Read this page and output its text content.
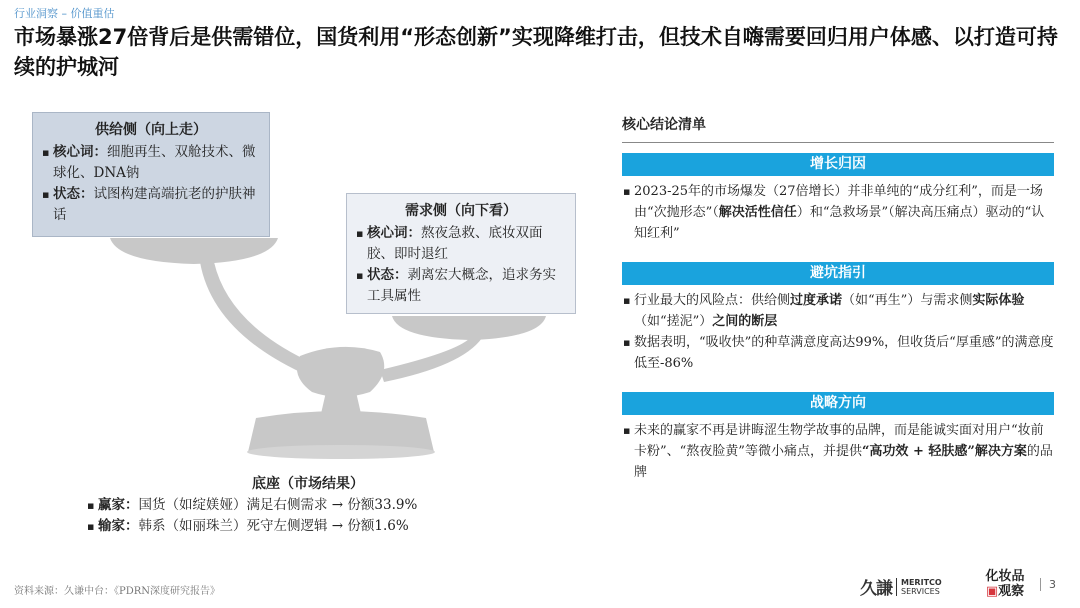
行业洞察 – 价值重估
市场暴涨27倍背后是供需错位，国货利用“形态创新”实现降维打击，但技术自嗨需要回归用户体感、以打造可持续的护城河
供给侧（向上走）
▪ 核心词：细胞再生、双舱技术、微球化、DNA钠
▪ 状态：试图构建高端抗老的护肤神话	需求侧（向下看）
▪ 核心词：熬夜急救、底妆双面胶、即时退红
▪ 状态：剥离宏大概念，追求务实工具属性
底座（市场结果）
▪ 赢家：国货（如绽媄娅）满足右侧需求 → 份额33.9%
▪ 输家：韩系（如丽珠兰）死守左侧逻辑 → 份额1.6%
核心结论清单
增长归因
▪ 2023-25年的市场爆发（27倍增长）并非单纯的“成分红利”，而是一场由“次抛形态”（解决活性信任）和“急救场景”（解决高压痛点）驱动的“认知红利”
避坑指引
▪ 行业最大的风险点：供给侧过度承诺（如“再生”）与需求侧实际体验（如“搓泥”）之间的断层
▪ 数据表明，“吸收快”的种草满意度高达99%，但收货后“厚重感”的满意度低至-86%
战略方向
▪ 未来的赢家不再是讲晦涩生物学故事的品牌，而是能诚实面对用户“妆前卡粉”、“熬夜脸黄”等微小痛点，并提供“高功效 + 轻肤感”解决方案的品牌
资料来源：久谦中台：《PDRN深度研究报告》	久謙	MERITCO
SERVICES
化妆品
▣观察	3
